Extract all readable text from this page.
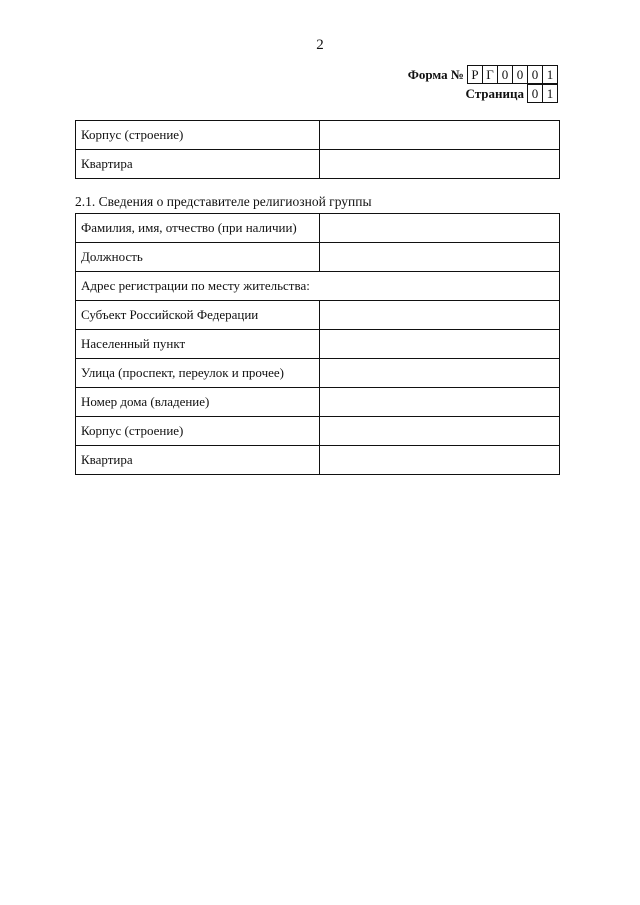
2
Форма № Р Г 0 0 0 1
Страница 0 1
Корпус (строение)	
Квартира	
2.1. Сведения о представителе религиозной группы
Фамилия, имя, отчество (при наличии)	
Должность	
Адрес регистрации по месту жительства:	
Субъект Российской Федерации	
Населенный пункт	
Улица (проспект, переулок и прочее)	
Номер дома (владение)	
Корпус (строение)	
Квартира	
